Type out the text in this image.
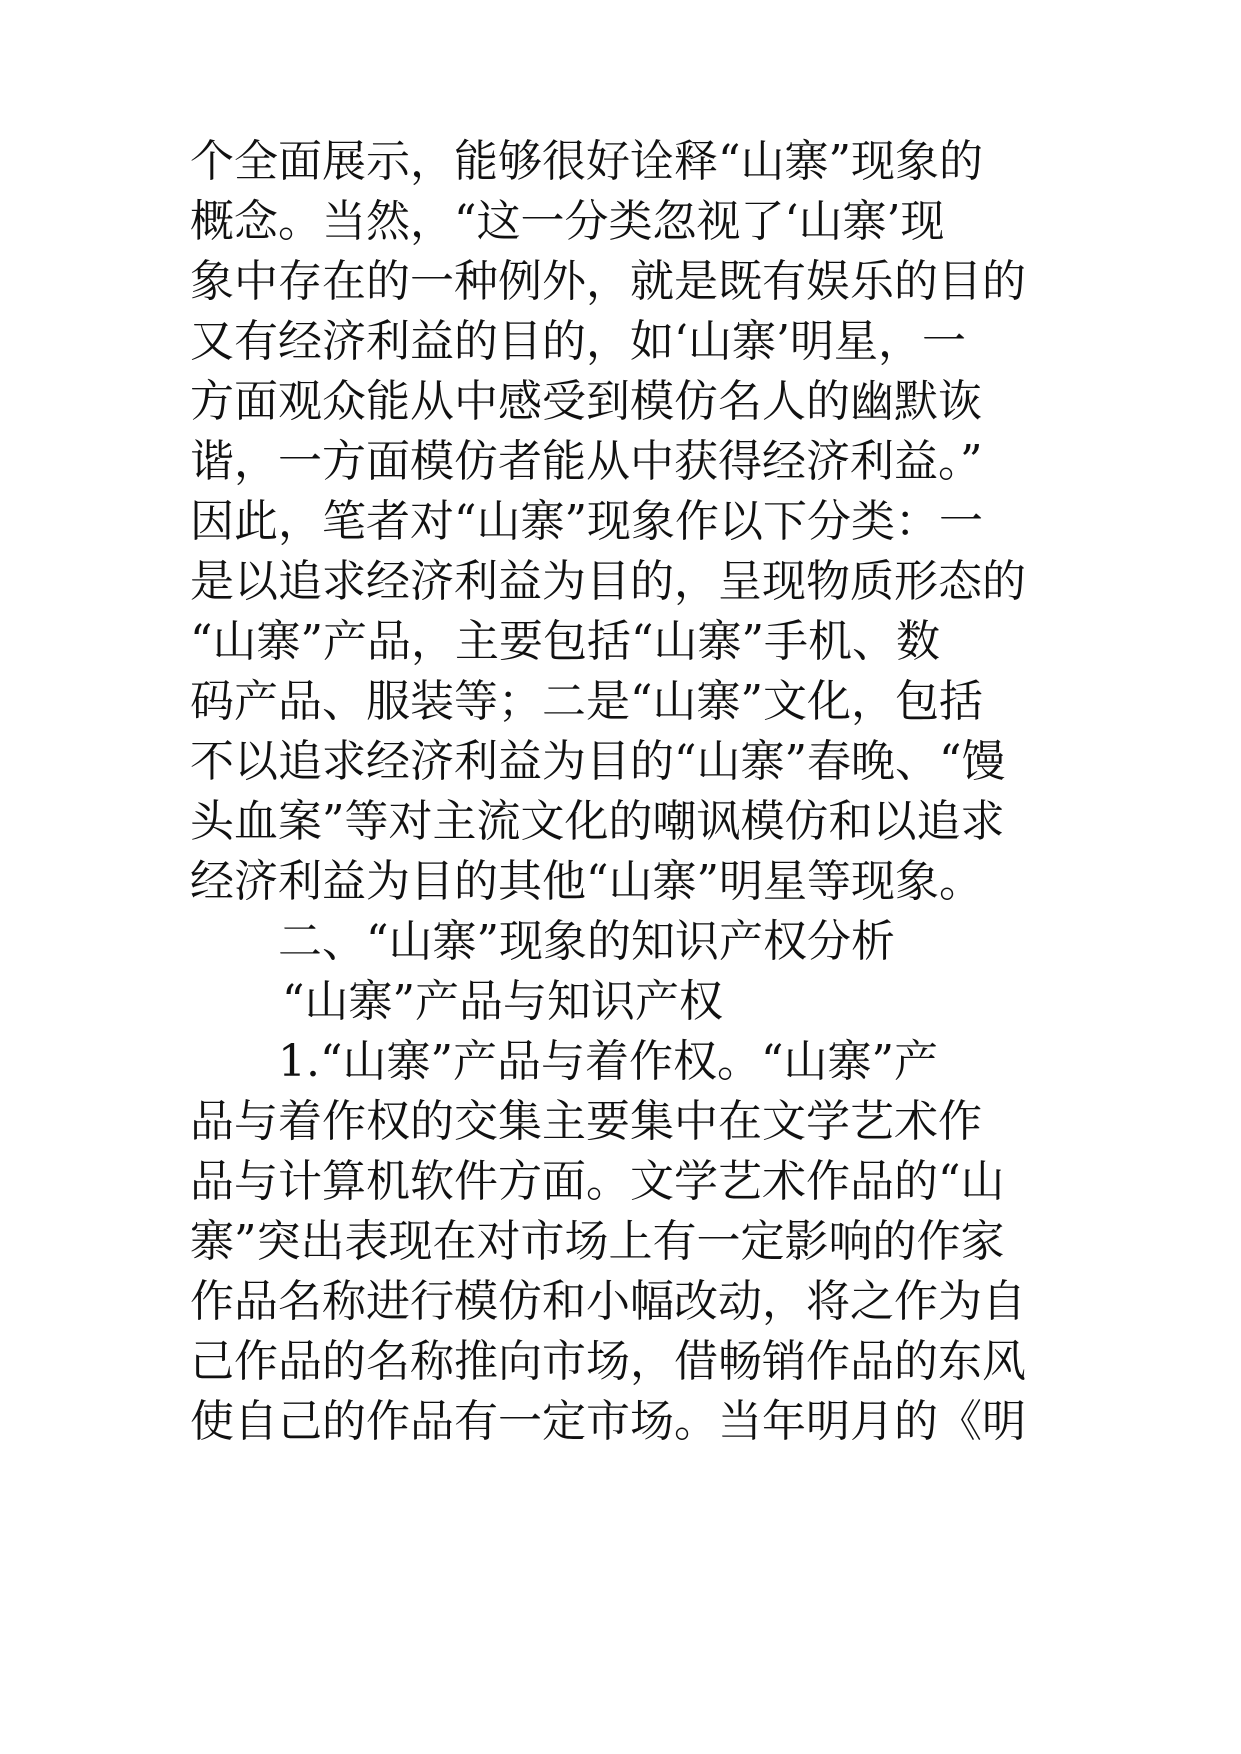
个全面展示，能够很好诠释“山寨”现象的
概念。当然，“这一分类忽视了‘山寨’现
象中存在的一种例外，就是既有娱乐的目的
又有经济利益的目的，如‘山寨’明星，一
方面观众能从中感受到模仿名人的幽默诙
谐，一方面模仿者能从中获得经济利益。”
因此，笔者对“山寨”现象作以下分类：一
是以追求经济利益为目的，呈现物质形态的
“山寨”产品，主要包括“山寨”手机、数
码产品、服装等；二是“山寨”文化，包括
不以追求经济利益为目的“山寨”春晚、“馒
头血案”等对主流文化的嘲讽模仿和以追求
经济利益为目的其他“山寨”明星等现象。
二、“山寨”现象的知识产权分析
“山寨”产品与知识产权
1.“山寨”产品与着作权。“山寨”产
品与着作权的交集主要集中在文学艺术作
品与计算机软件方面。文学艺术作品的“山
寨”突出表现在对市场上有一定影响的作家
作品名称进行模仿和小幅改动，将之作为自
己作品的名称推向市场，借畅销作品的东风
使自己的作品有一定市场。当年明月的《明
